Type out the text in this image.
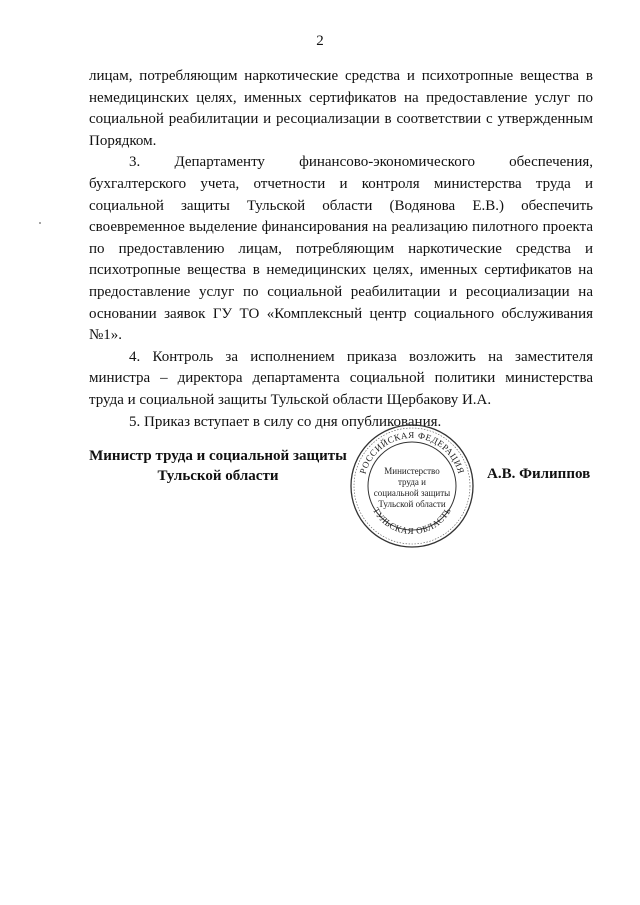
2

лицам, потребляющим наркотические средства и психотропные вещества в немедицинских целях, именных сертификатов на предоставление услуг по социальной реабилитации и ресоциализации в соответствии с утвержденным Порядком.

3. Департаменту финансово-экономического обеспечения, бухгалтерского учета, отчетности и контроля министерства труда и социальной защиты Тульской области (Водянова Е.В.) обеспечить своевременное выделение финансирования на реализацию пилотного проекта по предоставлению лицам, потребляющим наркотические средства и психотропные вещества в немедицинских целях, именных сертификатов на предоставление услуг по социальной реабилитации и ресоциализации на основании заявок ГУ ТО «Комплексный центр социального обслуживания №1».

4. Контроль за исполнением приказа возложить на заместителя министра – директора департамента социальной политики министерства труда и социальной защиты Тульской области Щербакову И.А.

5. Приказ вступает в силу со дня опубликования.

Министр труда и социальной защиты
Тульской области	А.В. Филиппов
РОССИЙСКАЯ ФЕДЕРАЦИЯ
ТУЛЬСКАЯ ОБЛАСТЬ
Министерство
труда и
социальной защиты
Тульской области
